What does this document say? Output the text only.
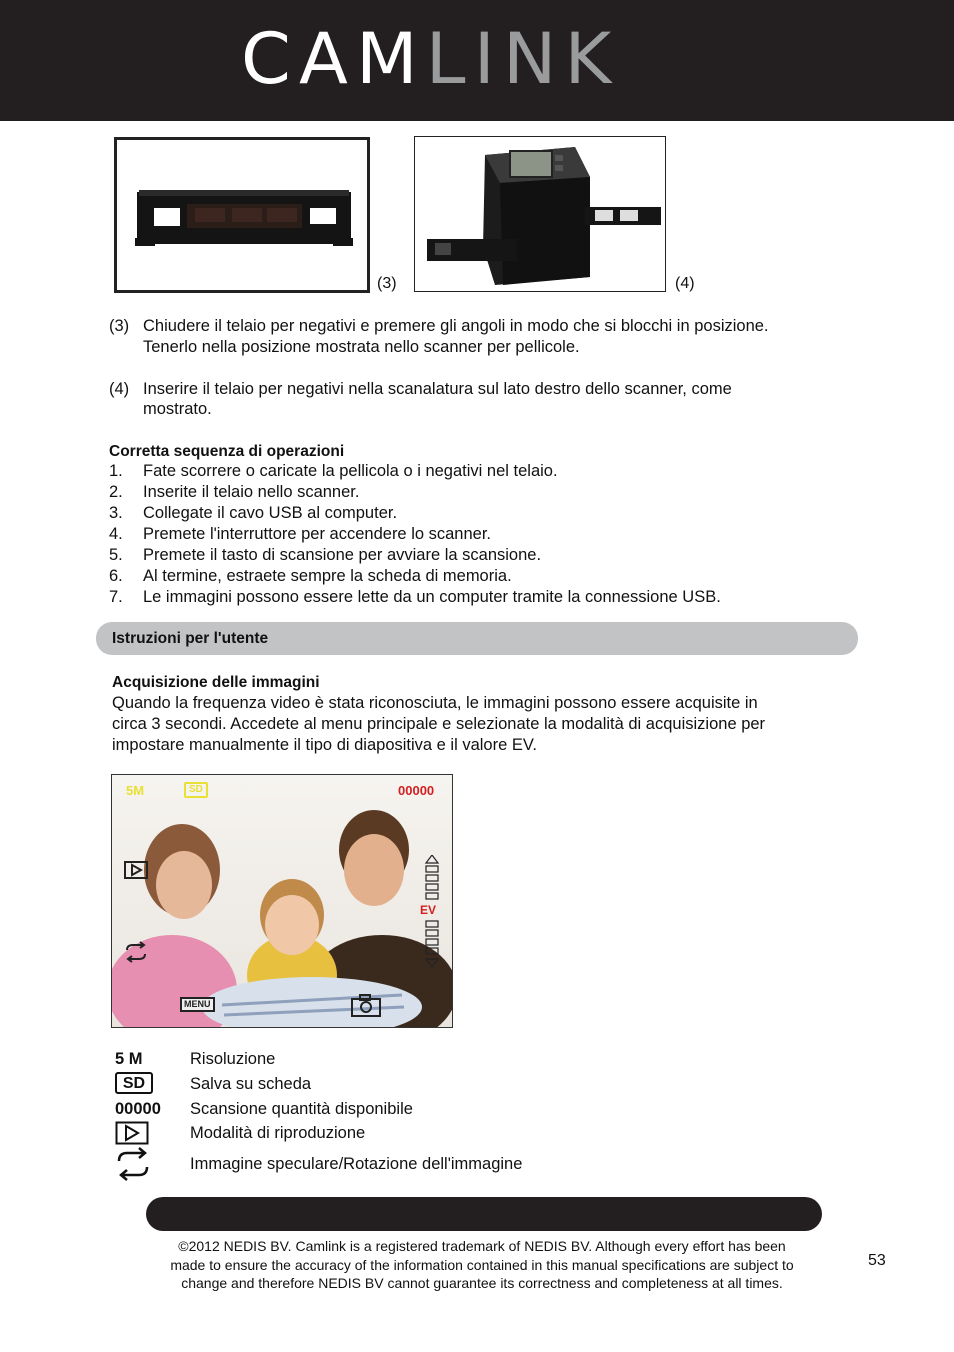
CAMLINK
(3)	(4)
(3) Chiudere il telaio per negativi e premere gli angoli in modo che si blocchi in posizione.
Tenerlo nella posizione mostrata nello scanner per pellicole.
(4) Inserire il telaio per negativi nella scanalatura sul lato destro dello scanner, come
mostrato.
Corretta sequenza di operazioni
1. Fate scorrere o caricate la pellicola o i negativi nel telaio.
2. Inserite il telaio nello scanner.
3. Collegate il cavo USB al computer.
4. Premete l'interruttore per accendere lo scanner.
5. Premete il tasto di scansione per avviare la scansione.
6. Al termine, estraete sempre la scheda di memoria.
7. Le immagini possono essere lette da un computer tramite la connessione USB.
Istruzioni per l'utente
Acquisizione delle immagini
Quando la frequenza video è stata riconosciuta, le immagini possono essere acquisite in
circa 3 secondi. Accedete al menu principale e selezionate la modalità di acquisizione per
impostare manualmente il tipo di diapositiva e il valore EV.
5M	SD	00000
MENU
EV
5 M	Risoluzione
SD	Salva su scheda
00000 Scansione quantità disponibile
Modalità di riproduzione
Immagine speculare/Rotazione dell'immagine
©2012 NEDIS BV. Camlink is a registered trademark of NEDIS BV. Although every effort has been
made to ensure the accuracy of the information contained in this manual specifications are subject to
change and therefore NEDIS BV cannot guarantee its correctness and completeness at all times.
53
